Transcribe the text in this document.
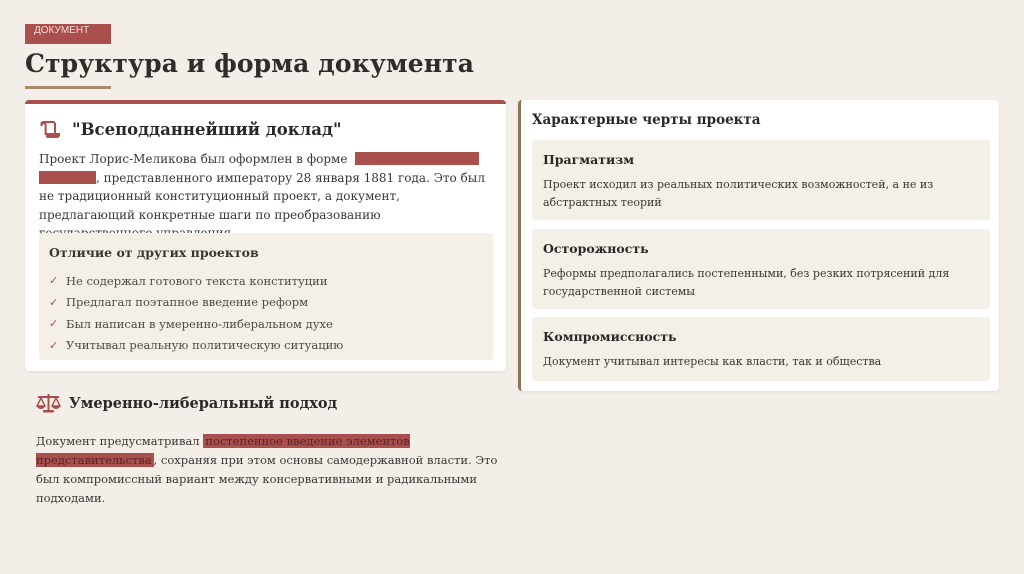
ДОКУМЕНТ
Структура и форма документа
"Всеподданнейший доклад"

Проект Лорис-Меликова был оформлен в форме
, представленного императору 28 января 1881 года. Это был не традиционный конституционный проект, а документ, предлагающий конкретные шаги по преобразованию

Отличие от других проектов
✓ Не содержал готового текста конституции
✓ Предлагал поэтапное введение реформ
✓ Был написан в умеренно-либеральном духе
✓ Учитывал реальную политическую ситуацию
Умеренно-либеральный подход

Документ предусматривал постепенное введение элементов представительства , сохраняя при этом основы самодержавной власти. Это был компромиссный вариант между консервативными и радикальными подходами.

Характерные черты проекта
Прагматизм
Проект исходил из реальных политических возможностей, а не из абстрактных теорий
Осторожность
Реформы предполагались постепенными, без резких потрясений для государственной системы
Компромиссность
Документ учитывал интересы как власти, так и общества
